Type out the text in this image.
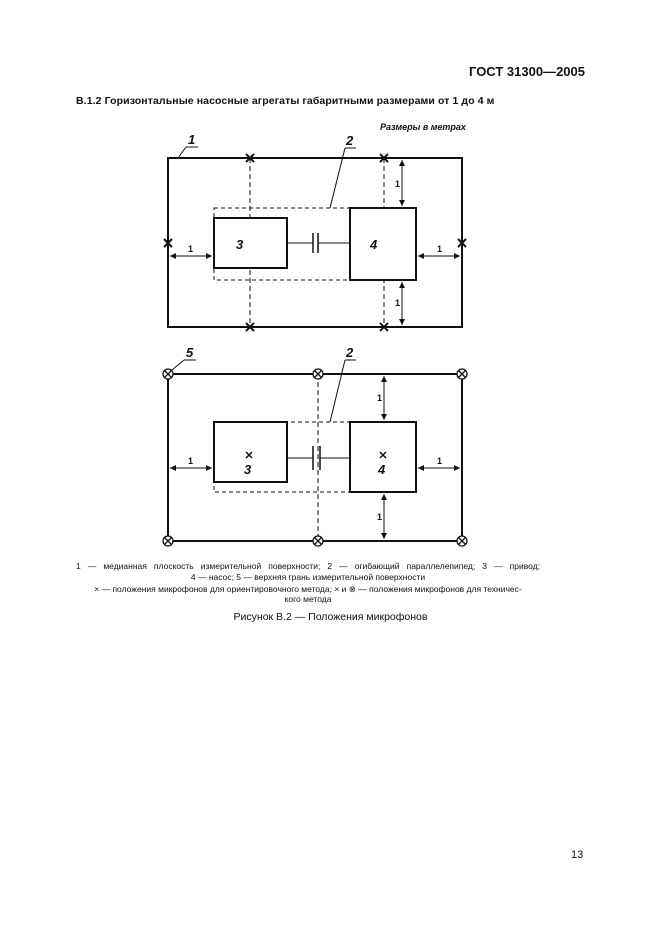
ГОСТ 31300—2005
B.1.2 Горизонтальные насосные агрегаты габаритными размерами от 1 до 4 м
Размеры в метрах
3	4
1
1
1	1
1	2
3	4
1
1
1	1
5	2
1 — медианная плоскость измерительной поверхности; 2 — огибающий параллелепипед; 3 — привод;
4 — насос; 5 — верхняя грань измерительной поверхности
× — положения микрофонов для ориентировочного метода; × и ⊗ — положения микрофонов для техничес-
кого метода
Рисунок B.2 — Положения микрофонов
13
